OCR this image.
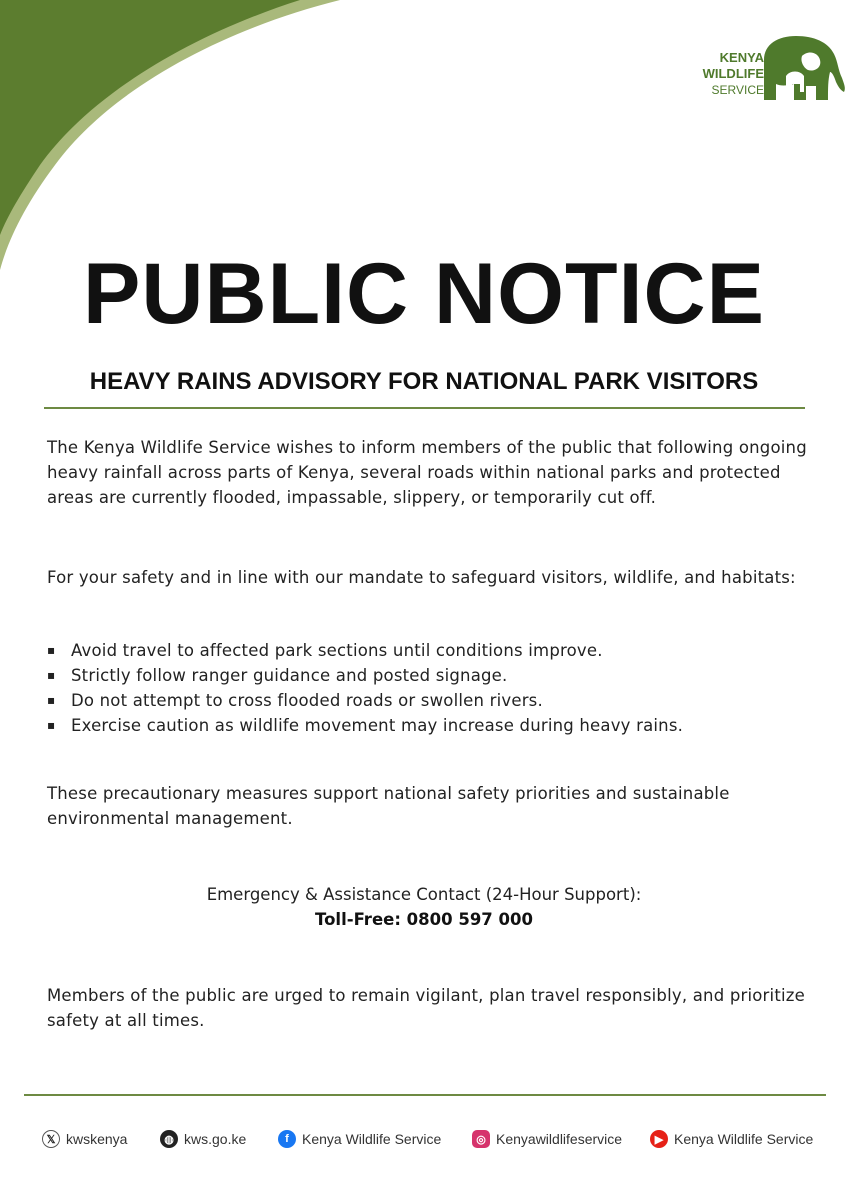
KENYA
WILDLIFE
SERVICE
PUBLIC NOTICE
HEAVY RAINS ADVISORY FOR NATIONAL PARK VISITORS

The Kenya Wildlife Service wishes to inform members of the public that following ongoing heavy rainfall across parts of Kenya, several roads within national parks and protected areas are currently flooded, impassable, slippery, or temporarily cut off.

For your safety and in line with our mandate to safeguard visitors, wildlife, and habitats:

▪ Avoid travel to affected park sections until conditions improve.
▪ Strictly follow ranger guidance and posted signage.
▪ Do not attempt to cross flooded roads or swollen rivers.
▪ Exercise caution as wildlife movement may increase during heavy rains.

These precautionary measures support national safety priorities and sustainable environmental management.

Emergency & Assistance Contact (24-Hour Support):
Toll-Free: 0800 597 000

Members of the public are urged to remain vigilant, plan travel responsibly, and prioritize safety at all times.

𝕏 kwskenya	◍ kws.go.ke	f Kenya Wildlife Service	◎ Kenyawildlifeservice	▶ Kenya Wildlife Service
